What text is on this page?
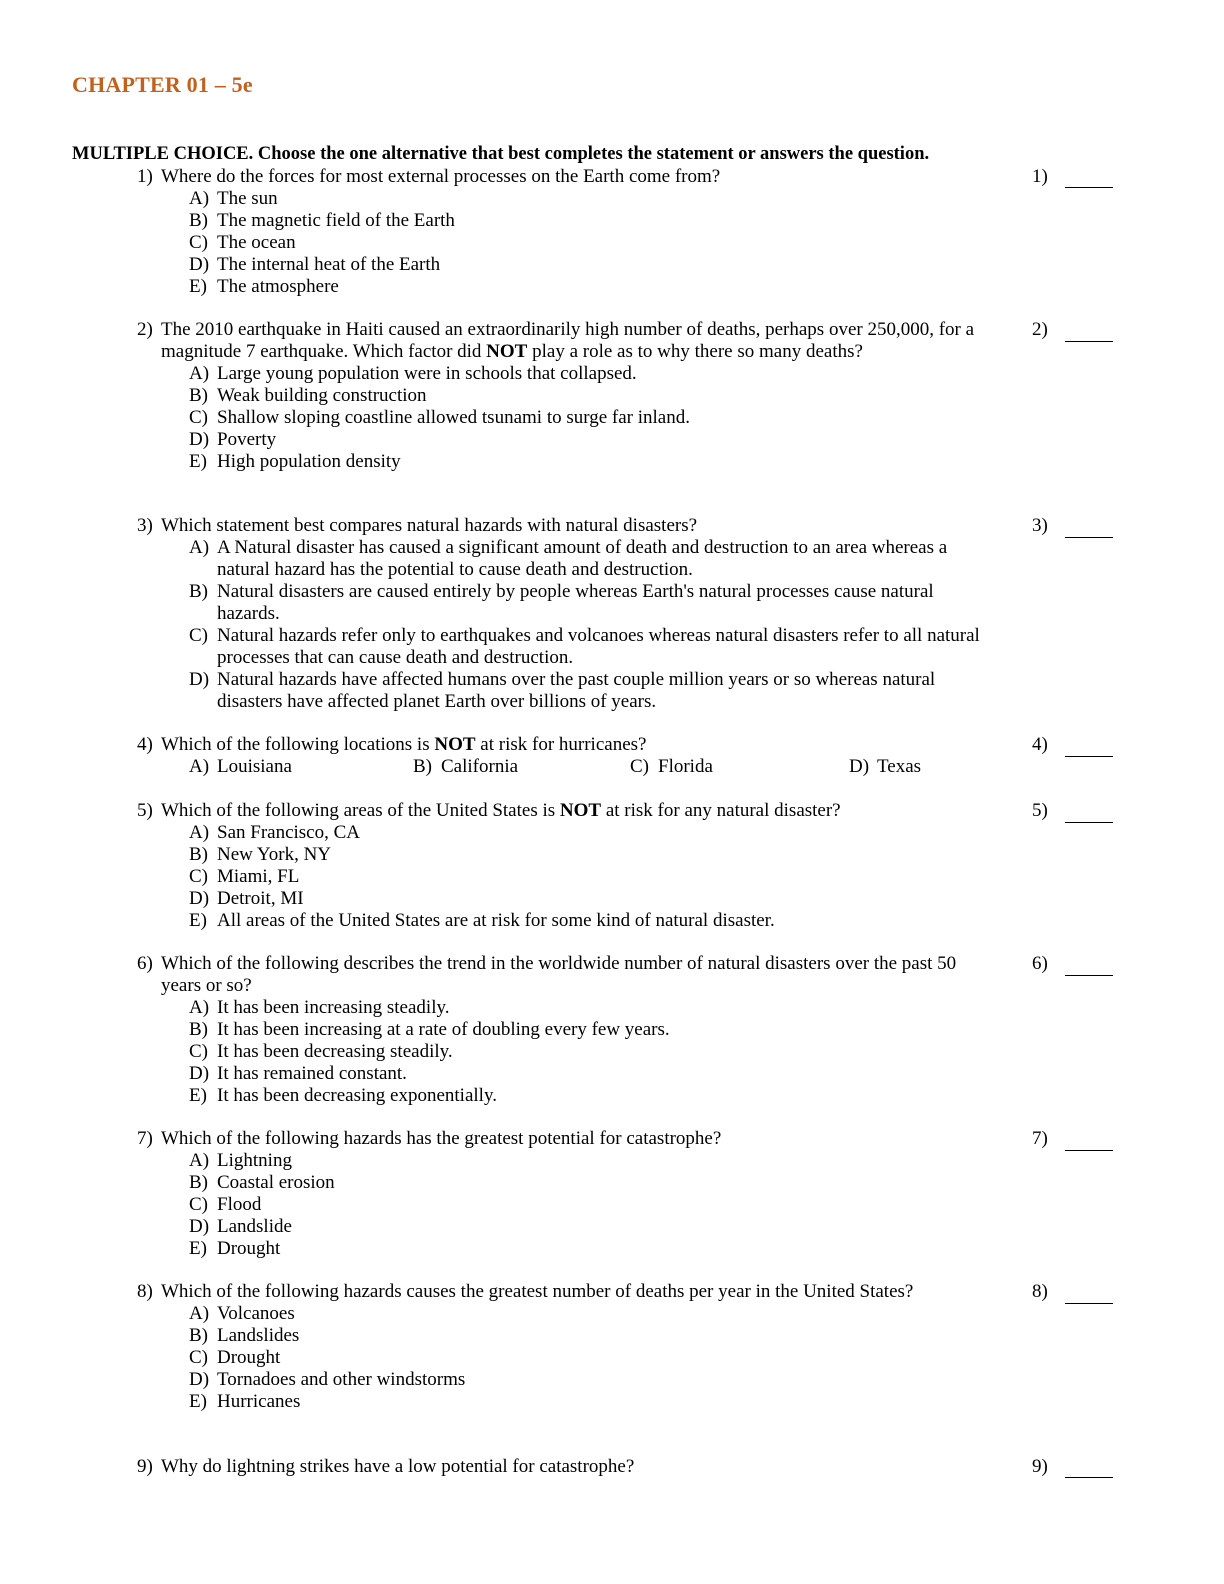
CHAPTER 01 – 5e
MULTIPLE CHOICE. Choose the one alternative that best completes the statement or answers the question.
1) Where do the forces for most external processes on the Earth come from?
A) The sun
B) The magnetic field of the Earth
C) The ocean
D) The internal heat of the Earth
E) The atmosphere
1)
2) The 2010 earthquake in Haiti caused an extraordinarily high number of deaths, perhaps over 250,000, for a magnitude 7 earthquake. Which factor did NOT play a role as to why there so many deaths?
A) Large young population were in schools that collapsed.
B) Weak building construction
C) Shallow sloping coastline allowed tsunami to surge far inland.
D) Poverty
E) High population density
2)
3) Which statement best compares natural hazards with natural disasters?
A) A Natural disaster has caused a significant amount of death and destruction to an area whereas a natural hazard has the potential to cause death and destruction.
B) Natural disasters are caused entirely by people whereas Earth's natural processes cause natural hazards.
C) Natural hazards refer only to earthquakes and volcanoes whereas natural disasters refer to all natural processes that can cause death and destruction.
D) Natural hazards have affected humans over the past couple million years or so whereas natural disasters have affected planet Earth over billions of years.
3)
4) Which of the following locations is NOT at risk for hurricanes?
A) Louisiana	B) California	C) Florida	D) Texas
4)
5) Which of the following areas of the United States is NOT at risk for any natural disaster?
A) San Francisco, CA
B) New York, NY
C) Miami, FL
D) Detroit, MI
E) All areas of the United States are at risk for some kind of natural disaster.
5)
6) Which of the following describes the trend in the worldwide number of natural disasters over the past 50 years or so?
A) It has been increasing steadily.
B) It has been increasing at a rate of doubling every few years.
C) It has been decreasing steadily.
D) It has remained constant.
E) It has been decreasing exponentially.
6)
7) Which of the following hazards has the greatest potential for catastrophe?
A) Lightning
B) Coastal erosion
C) Flood
D) Landslide
E) Drought
7)
8) Which of the following hazards causes the greatest number of deaths per year in the United States?
A) Volcanoes
B) Landslides
C) Drought
D) Tornadoes and other windstorms
E) Hurricanes
8)
9) Why do lightning strikes have a low potential for catastrophe?	9)
